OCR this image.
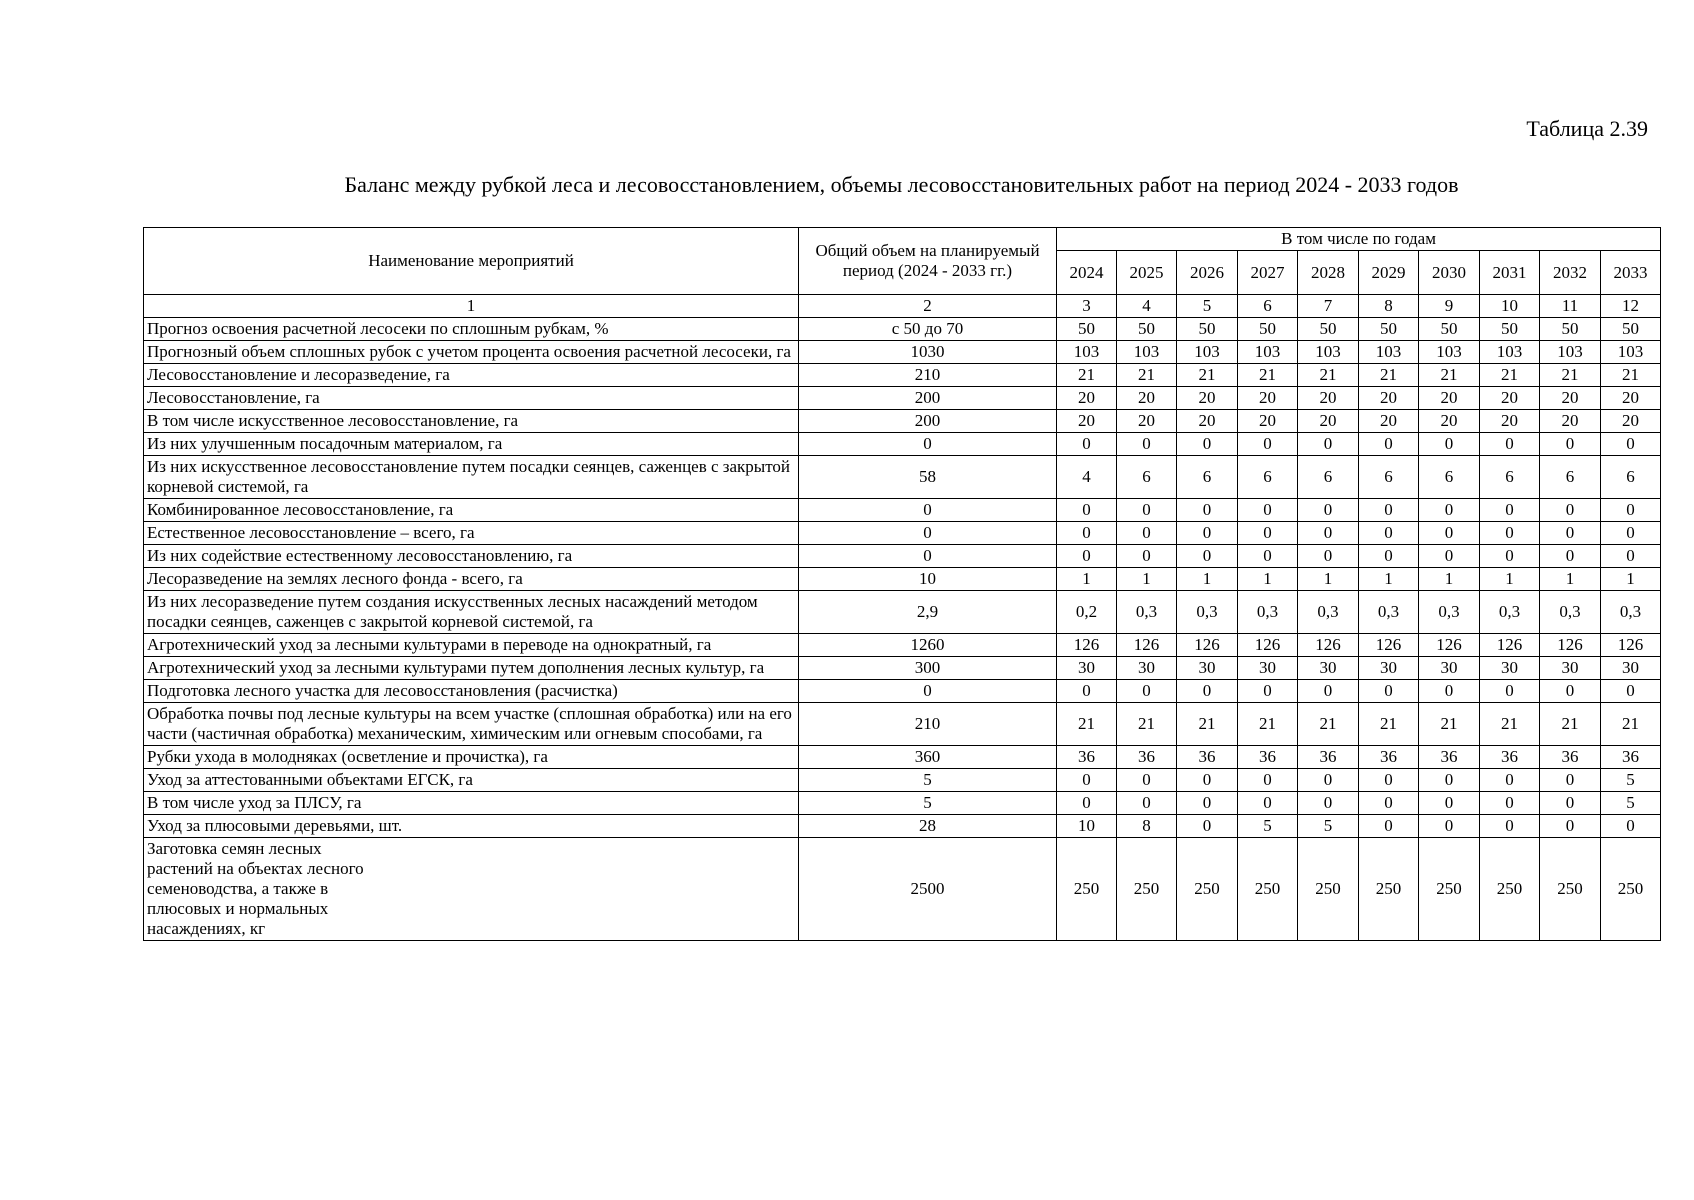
Таблица 2.39
Баланс между рубкой леса и лесовосстановлением, объемы лесовосстановительных работ на период 2024 - 2033 годов
Наименование мероприятий	Общий объем на планируемый период (2024 - 2033 гг.)	В том числе по годам									
		2024	2025	2026	2027	2028	2029	2030	2031	2032	2033
1	2	3	4	5	6	7	8	9	10	11	12
Прогноз освоения расчетной лесосеки по сплошным рубкам, %	с 50 до 70	50	50	50	50	50	50	50	50	50	50
Прогнозный объем сплошных рубок с учетом процента освоения расчетной лесосеки, га	1030	103	103	103	103	103	103	103	103	103	103
Лесовосстановление и лесоразведение, га	210	21	21	21	21	21	21	21	21	21	21
Лесовосстановление, га	200	20	20	20	20	20	20	20	20	20	20
В том числе искусственное лесовосстановление, га	200	20	20	20	20	20	20	20	20	20	20
Из них улучшенным посадочным материалом, га	0	0	0	0	0	0	0	0	0	0	0
Из них искусственное лесовосстановление путем посадки сеянцев, саженцев с закрытой корневой системой, га	58	4	6	6	6	6	6	6	6	6	6
Комбинированное лесовосстановление, га	0	0	0	0	0	0	0	0	0	0	0
Естественное лесовосстановление – всего, га	0	0	0	0	0	0	0	0	0	0	0
Из них содействие естественному лесовосстановлению, га	0	0	0	0	0	0	0	0	0	0	0
Лесоразведение на землях лесного фонда - всего, га	10	1	1	1	1	1	1	1	1	1	1
Из них лесоразведение путем создания искусственных лесных насаждений методом посадки сеянцев, саженцев с закрытой корневой системой, га	2,9	0,2	0,3	0,3	0,3	0,3	0,3	0,3	0,3	0,3	0,3
Агротехнический уход за лесными культурами в переводе на однократный, га	1260	126	126	126	126	126	126	126	126	126	126
Агротехнический уход за лесными культурами путем дополнения лесных культур, га	300	30	30	30	30	30	30	30	30	30	30
Подготовка лесного участка для лесовосстановления (расчистка)	0	0	0	0	0	0	0	0	0	0	0
Обработка почвы под лесные культуры на всем участке (сплошная обработка) или на его части (частичная обработка) механическим, химическим или огневым способами, га	210	21	21	21	21	21	21	21	21	21	21
Рубки ухода в молодняках (осветление и прочистка), га	360	36	36	36	36	36	36	36	36	36	36
Уход за аттестованными объектами ЕГСК, га	5	0	0	0	0	0	0	0	0	0	5
В том числе уход за ПЛСУ, га	5	0	0	0	0	0	0	0	0	0	5
Уход за плюсовыми деревьями, шт.	28	10	8	0	5	5	0	0	0	0	0
Заготовка семян лесных
растений на объектах лесного
семеноводства, а также в
плюсовых и нормальных
насаждениях, кг	2500	250	250	250	250	250	250	250	250	250	250
